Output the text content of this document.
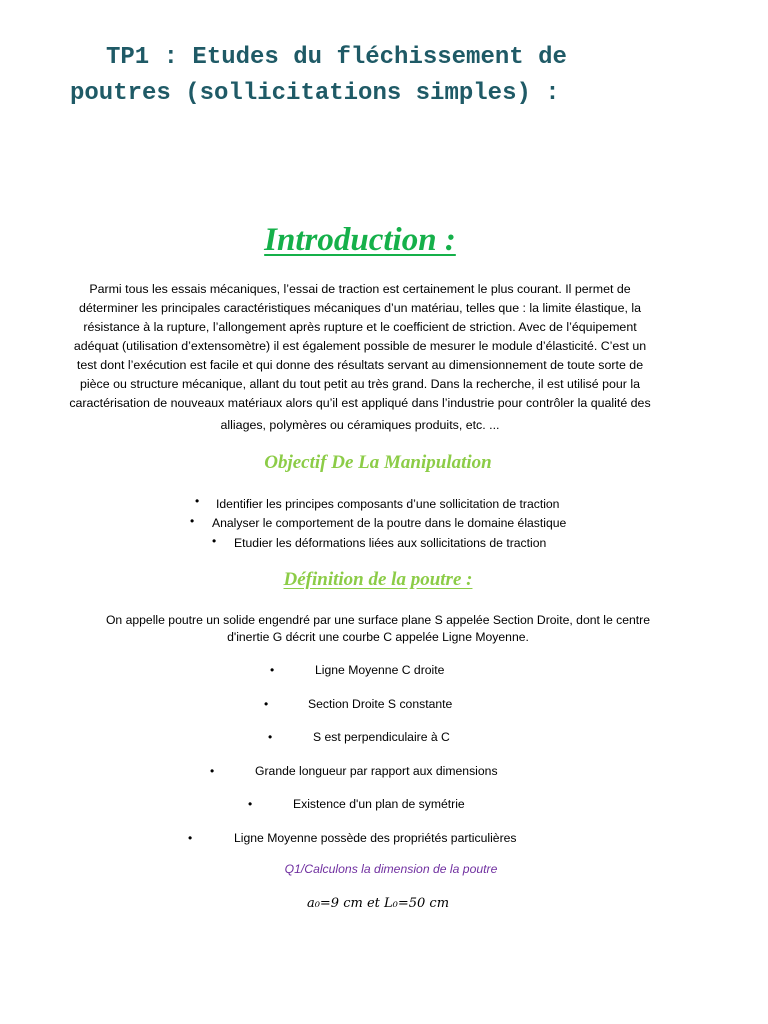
TP1 : Etudes du fléchissement de
poutres (sollicitations simples) :
Introduction :
Parmi tous les essais mécaniques, l’essai de traction est certainement le plus courant. Il permet de
déterminer les principales caractéristiques mécaniques d’un matériau, telles que : la limite élastique, la
résistance à la rupture, l’allongement après rupture et le coefficient de striction. Avec de l’équipement
adéquat (utilisation d’extensomètre) il est également possible de mesurer le module d’élasticité. C’est un
test dont l’exécution est facile et qui donne des résultats servant au dimensionnement de toute sorte de
pièce ou structure mécanique, allant du tout petit au très grand. Dans la recherche, il est utilisé pour la
caractérisation de nouveaux matériaux alors qu’il est appliqué dans l’industrie pour contrôler la qualité des
alliages, polymères ou céramiques produits, etc. ...
Objectif De La Manipulation
• Identifier les principes composants d’une sollicitation de traction
• Analyser le comportement de la poutre dans le domaine élastique
• Etudier les déformations liées aux sollicitations de traction
Définition de la poutre :
On appelle poutre un solide engendré par une surface plane S appelée Section Droite, dont le centre
d'inertie G décrit une courbe C appelée Ligne Moyenne.
•	Ligne Moyenne C droite
•	Section Droite S constante
•	S est perpendiculaire à C
•	Grande longueur par rapport aux dimensions
•	Existence d'un plan de symétrie
•	Ligne Moyenne possède des propriétés particulières
Q1/Calculons la dimension de la poutre
a₀=9 cm et L₀=50 cm
